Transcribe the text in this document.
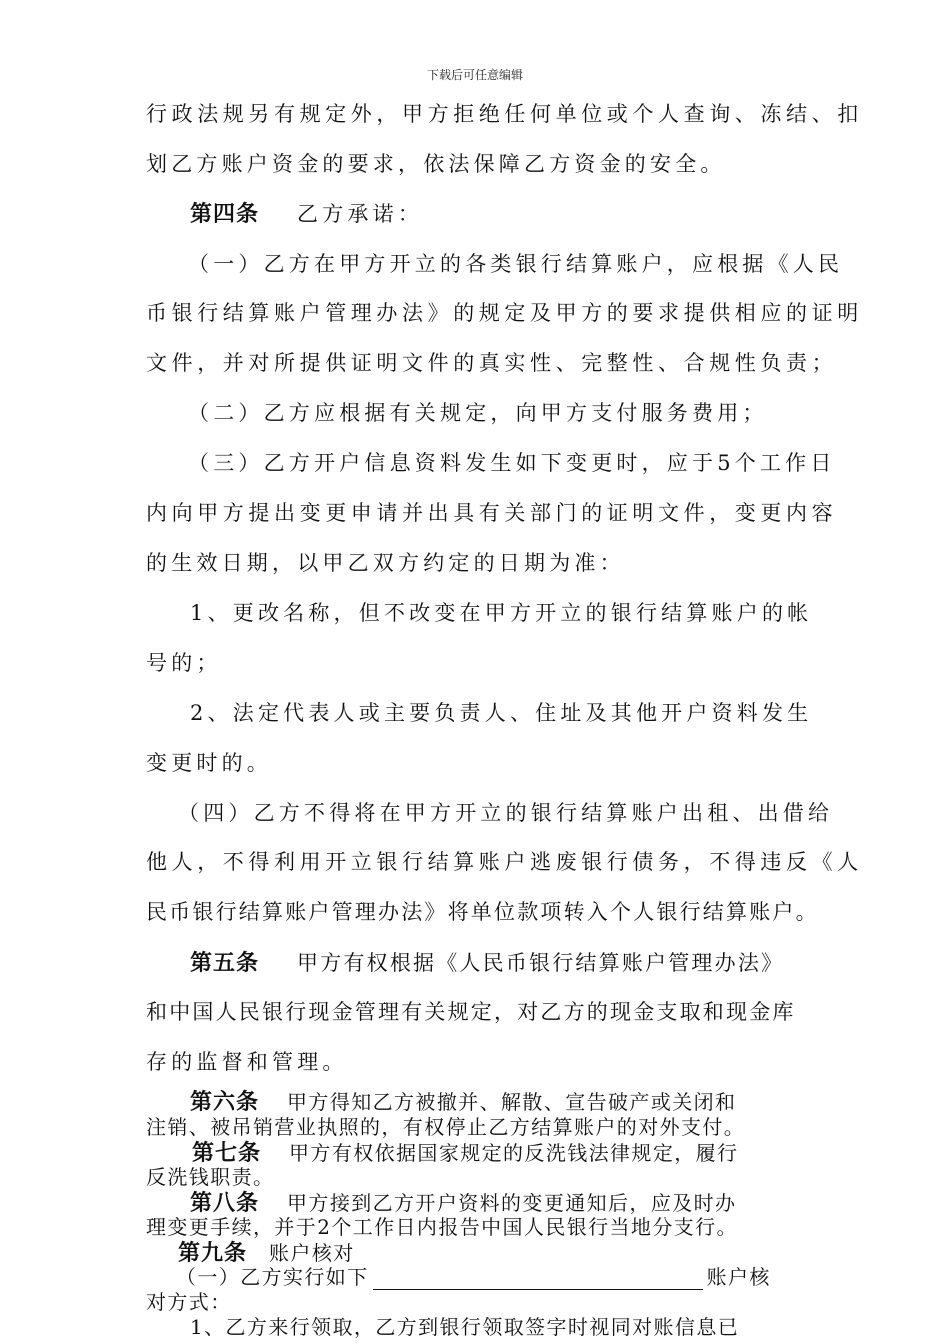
下载后可任意编辑
行政法规另有规定外，甲方拒绝任何单位或个人查询、冻结、扣
划乙方账户资金的要求，依法保障乙方资金的安全。
第四条 乙方承诺：
（一）乙方在甲方开立的各类银行结算账户，应根据《人民
币银行结算账户管理办法》的规定及甲方的要求提供相应的证明
文件，并对所提供证明文件的真实性、完整性、合规性负责；
（二）乙方应根据有关规定，向甲方支付服务费用；
（三）乙方开户信息资料发生如下变更时，应于5个工作日
内向甲方提出变更申请并出具有关部门的证明文件，变更内容
的生效日期，以甲乙双方约定的日期为准：
1、更改名称，但不改变在甲方开立的银行结算账户的帐
号的；
2、法定代表人或主要负责人、住址及其他开户资料发生
变更时的。
（四）乙方不得将在甲方开立的银行结算账户出租、出借给
他人，不得利用开立银行结算账户逃废银行债务，不得违反《人
民币银行结算账户管理办法》将单位款项转入个人银行结算账户。
第五条 甲方有权根据《人民币银行结算账户管理办法》
和中国人民银行现金管理有关规定，对乙方的现金支取和现金库
存的监督和管理。
第六条 甲方得知乙方被撤并、解散、宣告破产或关闭和
注销、被吊销营业执照的，有权停止乙方结算账户的对外支付。
第七条 甲方有权依据国家规定的反洗钱法律规定，履行
反洗钱职责。
第八条 甲方接到乙方开户资料的变更通知后，应及时办
理变更手续，并于2个工作日内报告中国人民银行当地分支行。
第九条 账户核对
（一）乙方实行如下	账户核
对方式：
1、乙方来行领取，乙方到银行领取签字时视同对账信息已
